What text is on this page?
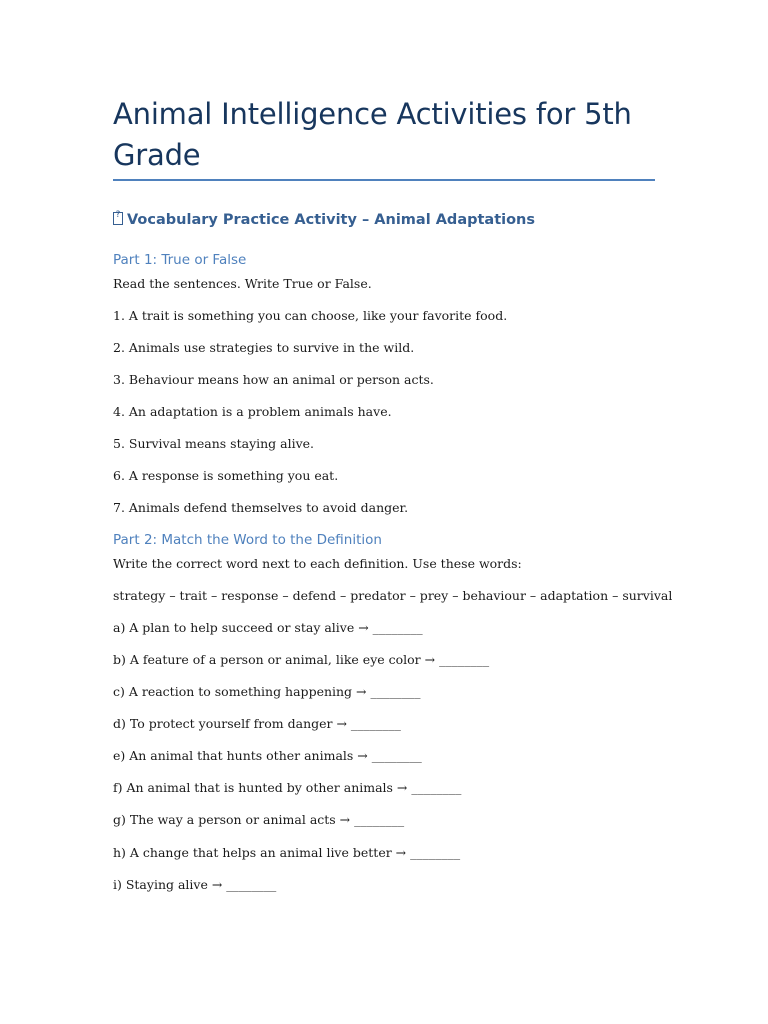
Animal Intelligence Activities for 5th Grade
?Vocabulary Practice Activity – Animal Adaptations
Part 1: True or False

Read the sentences. Write True or False.

1. A trait is something you can choose, like your favorite food.

2. Animals use strategies to survive in the wild.

3. Behaviour means how an animal or person acts.

4. An adaptation is a problem animals have.

5. Survival means staying alive.

6. A response is something you eat.

7. Animals defend themselves to avoid danger.

Part 2: Match the Word to the Definition

Write the correct word next to each definition. Use these words:

strategy – trait – response – defend – predator – prey – behaviour – adaptation – survival

a) A plan to help succeed or stay alive → ________

b) A feature of a person or animal, like eye color → ________

c) A reaction to something happening → ________

d) To protect yourself from danger → ________

e) An animal that hunts other animals → ________

f) An animal that is hunted by other animals → ________

g) The way a person or animal acts → ________

h) A change that helps an animal live better → ________

i) Staying alive → ________
